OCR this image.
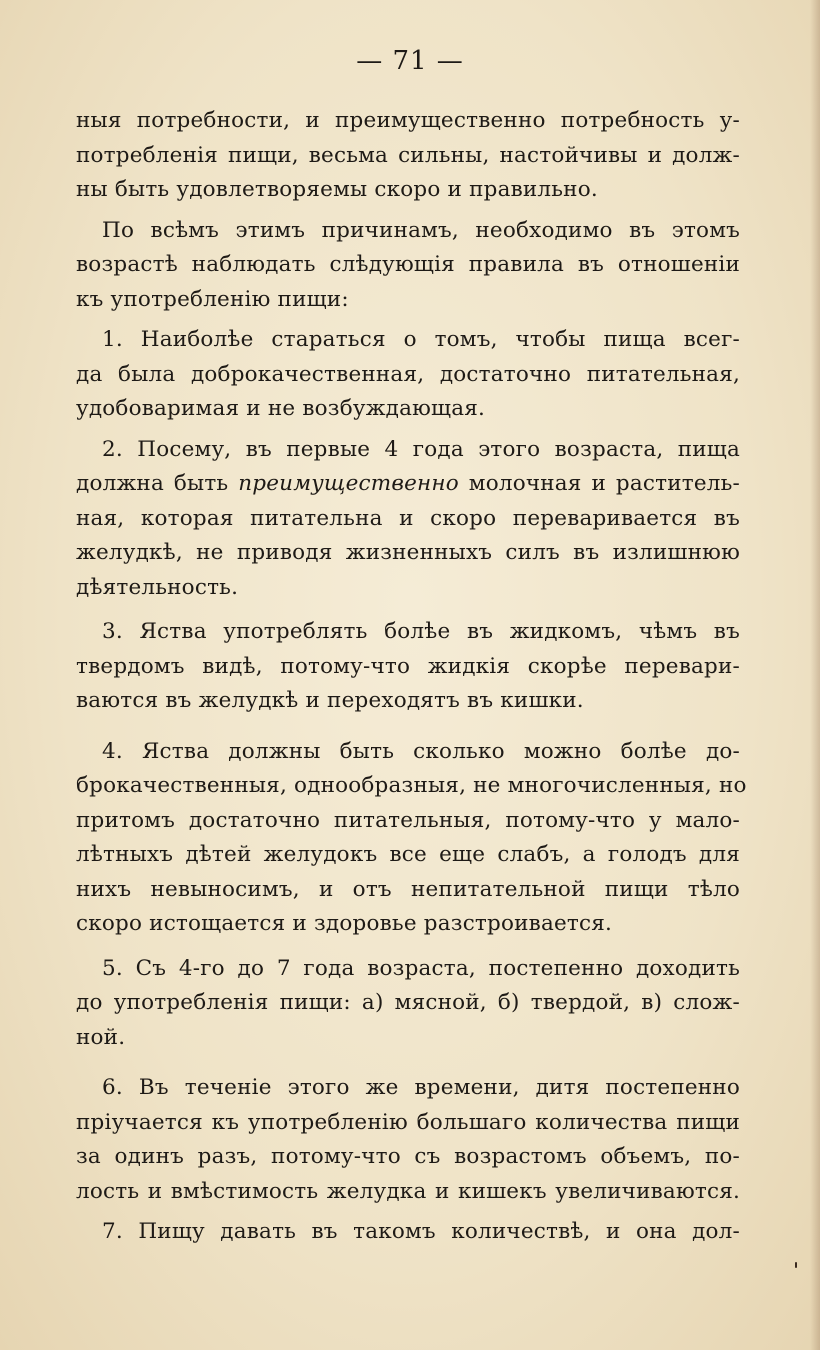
— 71 —
ныя потребности, и преимущественно потребность у-
потребленія пищи, весьма сильны, настойчивы и долж-
ны быть удовлетворяемы скоро и правильно.
По всѣмъ этимъ причинамъ, необходимо въ этомъ
возрастѣ наблюдать слѣдующія правила въ отношеніи
къ употребленію пищи:
1. Наиболѣе стараться о томъ, чтобы пища всег-
да была доброкачественная, достаточно питательная,
удобоваримая и не возбуждающая.
2. Посему, въ первые 4 года этого возраста, пища
должна быть преимущественно молочная и раститель-
ная, которая питательна и скоро переваривается въ
желудкѣ, не приводя жизненныхъ силъ въ излишнюю
дѣятельность.
3. Яства употреблять болѣе въ жидкомъ, чѣмъ въ
твердомъ видѣ, потому-что жидкія скорѣе перевари-
ваются въ желудкѣ и переходятъ въ кишки.
4. Яства должны быть сколько можно болѣе до-
брокачественныя, однообразныя, не многочисленныя, но
притомъ достаточно питательныя, потому-что у мало-
лѣтныхъ дѣтей желудокъ все еще слабъ, а голодъ для
нихъ невыносимъ, и отъ непитательной пищи тѣло
скоро истощается и здоровье разстроивается.
5. Съ 4-го до 7 года возраста, постепенно доходить
до употребленія пищи: а) мясной, б) твердой, в) слож-
ной.
6. Въ теченіе этого же времени, дитя постепенно
пріучается къ употребленію большаго количества пищи
за одинъ разъ, потому-что съ возрастомъ объемъ, по-
лость и вмѣстимость желудка и кишекъ увеличиваются.
7. Пищу давать въ такомъ количествѣ, и она дол-
